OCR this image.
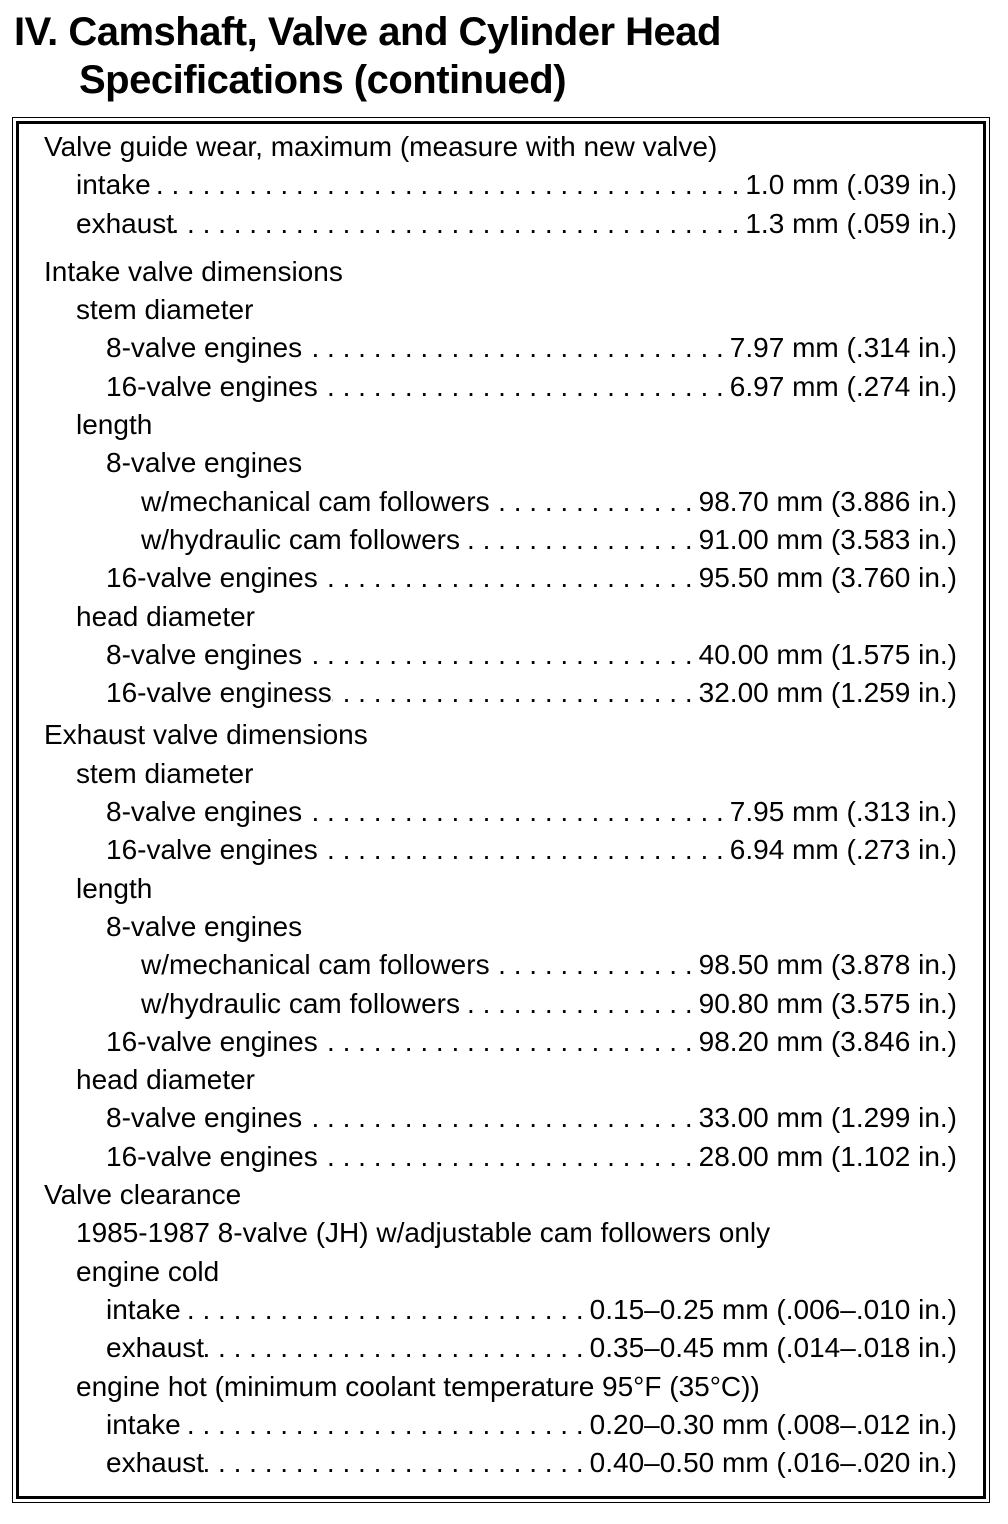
IV. Camshaft, Valve and Cylinder Head
Specifications (continued)
Valve guide wear, maximum (measure with new valve)
intake . . .	1.0 mm (.039 in.)
exhaust . . .	1.3 mm (.059 in.)
Intake valve dimensions
stem diameter
8-valve engines . . .	7.97 mm (.314 in.)
16-valve engines . . .	6.97 mm (.274 in.)
length
8-valve engines
w/mechanical cam followers . . .	98.70 mm (3.886 in.)
w/hydraulic cam followers . . .	91.00 mm (3.583 in.)
16-valve engines . . .	95.50 mm (3.760 in.)
head diameter
8-valve engines . . .	40.00 mm (1.575 in.)
16-valve enginess . . .	32.00 mm (1.259 in.)
Exhaust valve dimensions
stem diameter
8-valve engines . . .	7.95 mm (.313 in.)
16-valve engines . . .	6.94 mm (.273 in.)
length
8-valve engines
w/mechanical cam followers . . .	98.50 mm (3.878 in.)
w/hydraulic cam followers . . .	90.80 mm (3.575 in.)
16-valve engines . . .	98.20 mm (3.846 in.)
head diameter
8-valve engines . . .	33.00 mm (1.299 in.)
16-valve engines . . .	28.00 mm (1.102 in.)
Valve clearance
1985-1987 8-valve (JH) w/adjustable cam followers only
engine cold
intake . . .	0.15–0.25 mm (.006–.010 in.)
exhaust . . .	0.35–0.45 mm (.014–.018 in.)
engine hot (minimum coolant temperature 95°F (35°C))
intake . . .	0.20–0.30 mm (.008–.012 in.)
exhaust . . .	0.40–0.50 mm (.016–.020 in.)
